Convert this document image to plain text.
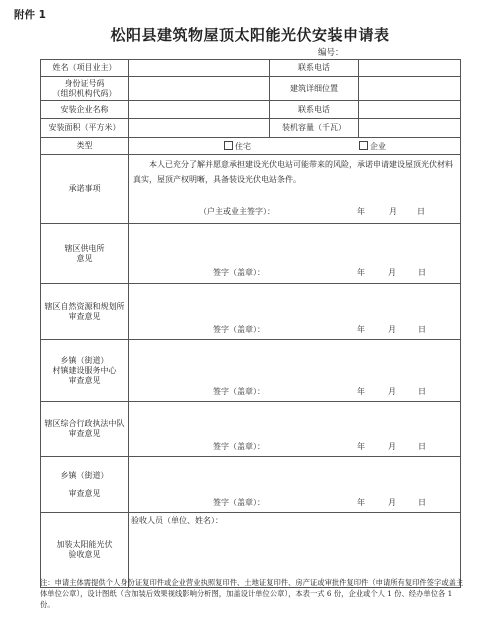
附件 1
松阳县建筑物屋顶太阳能光伏安装申请表
编号：
姓名（项目业主）		联系电话	

身份证号码
（组织机构代码）		建筑详细位置	
安装企业名称		联系电话	
安装面积（平方米）		装机容量（千瓦）	
类型	住宅 企业		

承诺事项	本人已充分了解并愿意承担建设光伏电站可能带来的风险，承诺申请建设屋顶光伏材料真实，屋顶产权明晰，具备装设光伏电站条件。
（户主或业主签字）： 年 月 日		

辖区供电所
意见	签字（盖章）： 年 月 日		

辖区自然资源和规划所
审查意见	签字（盖章）： 年 月 日		

乡镇（街道）
村镇建设服务中心
审查意见	签字（盖章）： 年 月 日		

辖区综合行政执法中队
审查意见	签字（盖章）： 年 月 日		

乡镇（街道）
审查意见	签字（盖章）： 年 月 日		

加装太阳能光伏
验收意见	验收人员（单位、姓名）：		
注：申请主体需提供个人身份证复印件或企业营业执照复印件、土地证复印件、房产证或审批件复印件（申请所有复印件签字或盖主体单位公章），设计图纸（含加装后效果视线影响分析图，加盖设计单位公章），本表一式 6 份，企业或个人 1 份、经办单位各 1 份。
